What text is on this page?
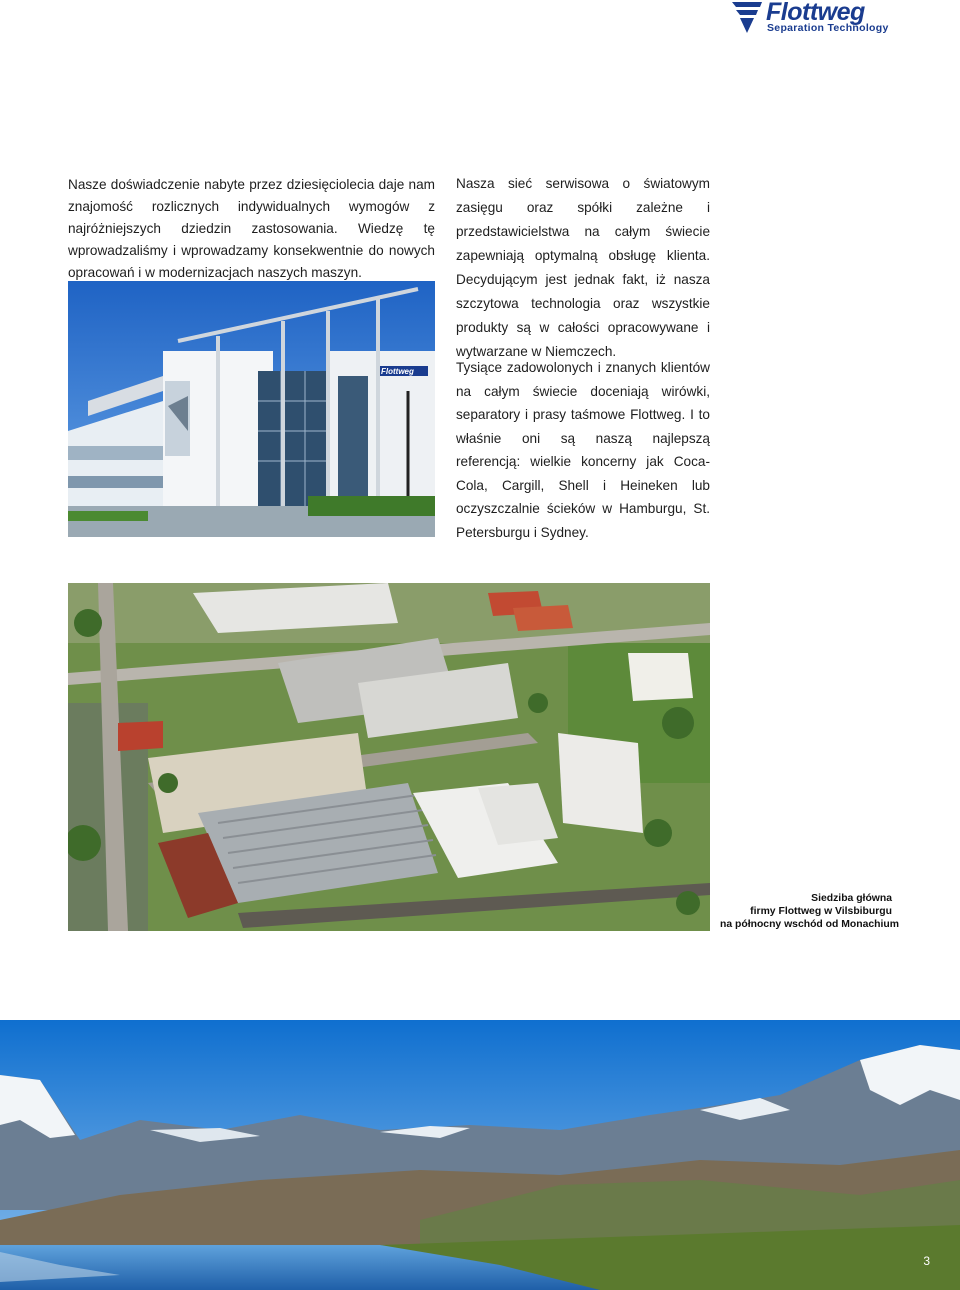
Flottweg
Separation Technology

Nasze doświadczenie nabyte przez dziesięciolecia daje nam znajomość rozlicznych indywidualnych wymogów z najróżniejszych dziedzin zastosowania. Wiedzę tę wprowadzaliśmy i wprowadzamy konsekwentnie do nowych opracowań i w modernizacjach naszych maszyn.

Nasza sieć serwisowa o światowym zasięgu oraz spółki zależne i przedstawicielstwa na całym świecie zapewniają optymalną obsługę klienta. Decydującym jest jednak fakt, iż nasza szczytowa technologia oraz wszystkie produkty są w całości opracowywane i wytwarzane w Niemczech.

Tysiące zadowolonych i znanych klientów na całym świecie doceniają wirówki, separatory i prasy taśmowe Flottweg. I to właśnie oni są naszą najlepszą referencją: wielkie koncerny jak Coca-Cola, Cargill, Shell i Heineken lub oczyszczalnie ścieków w Hamburgu, St. Petersburgu i Sydney.

Flottweg
Siedziba główna
firmy Flottweg w Vilsbiburgu
na północny wschód od Monachium
3
